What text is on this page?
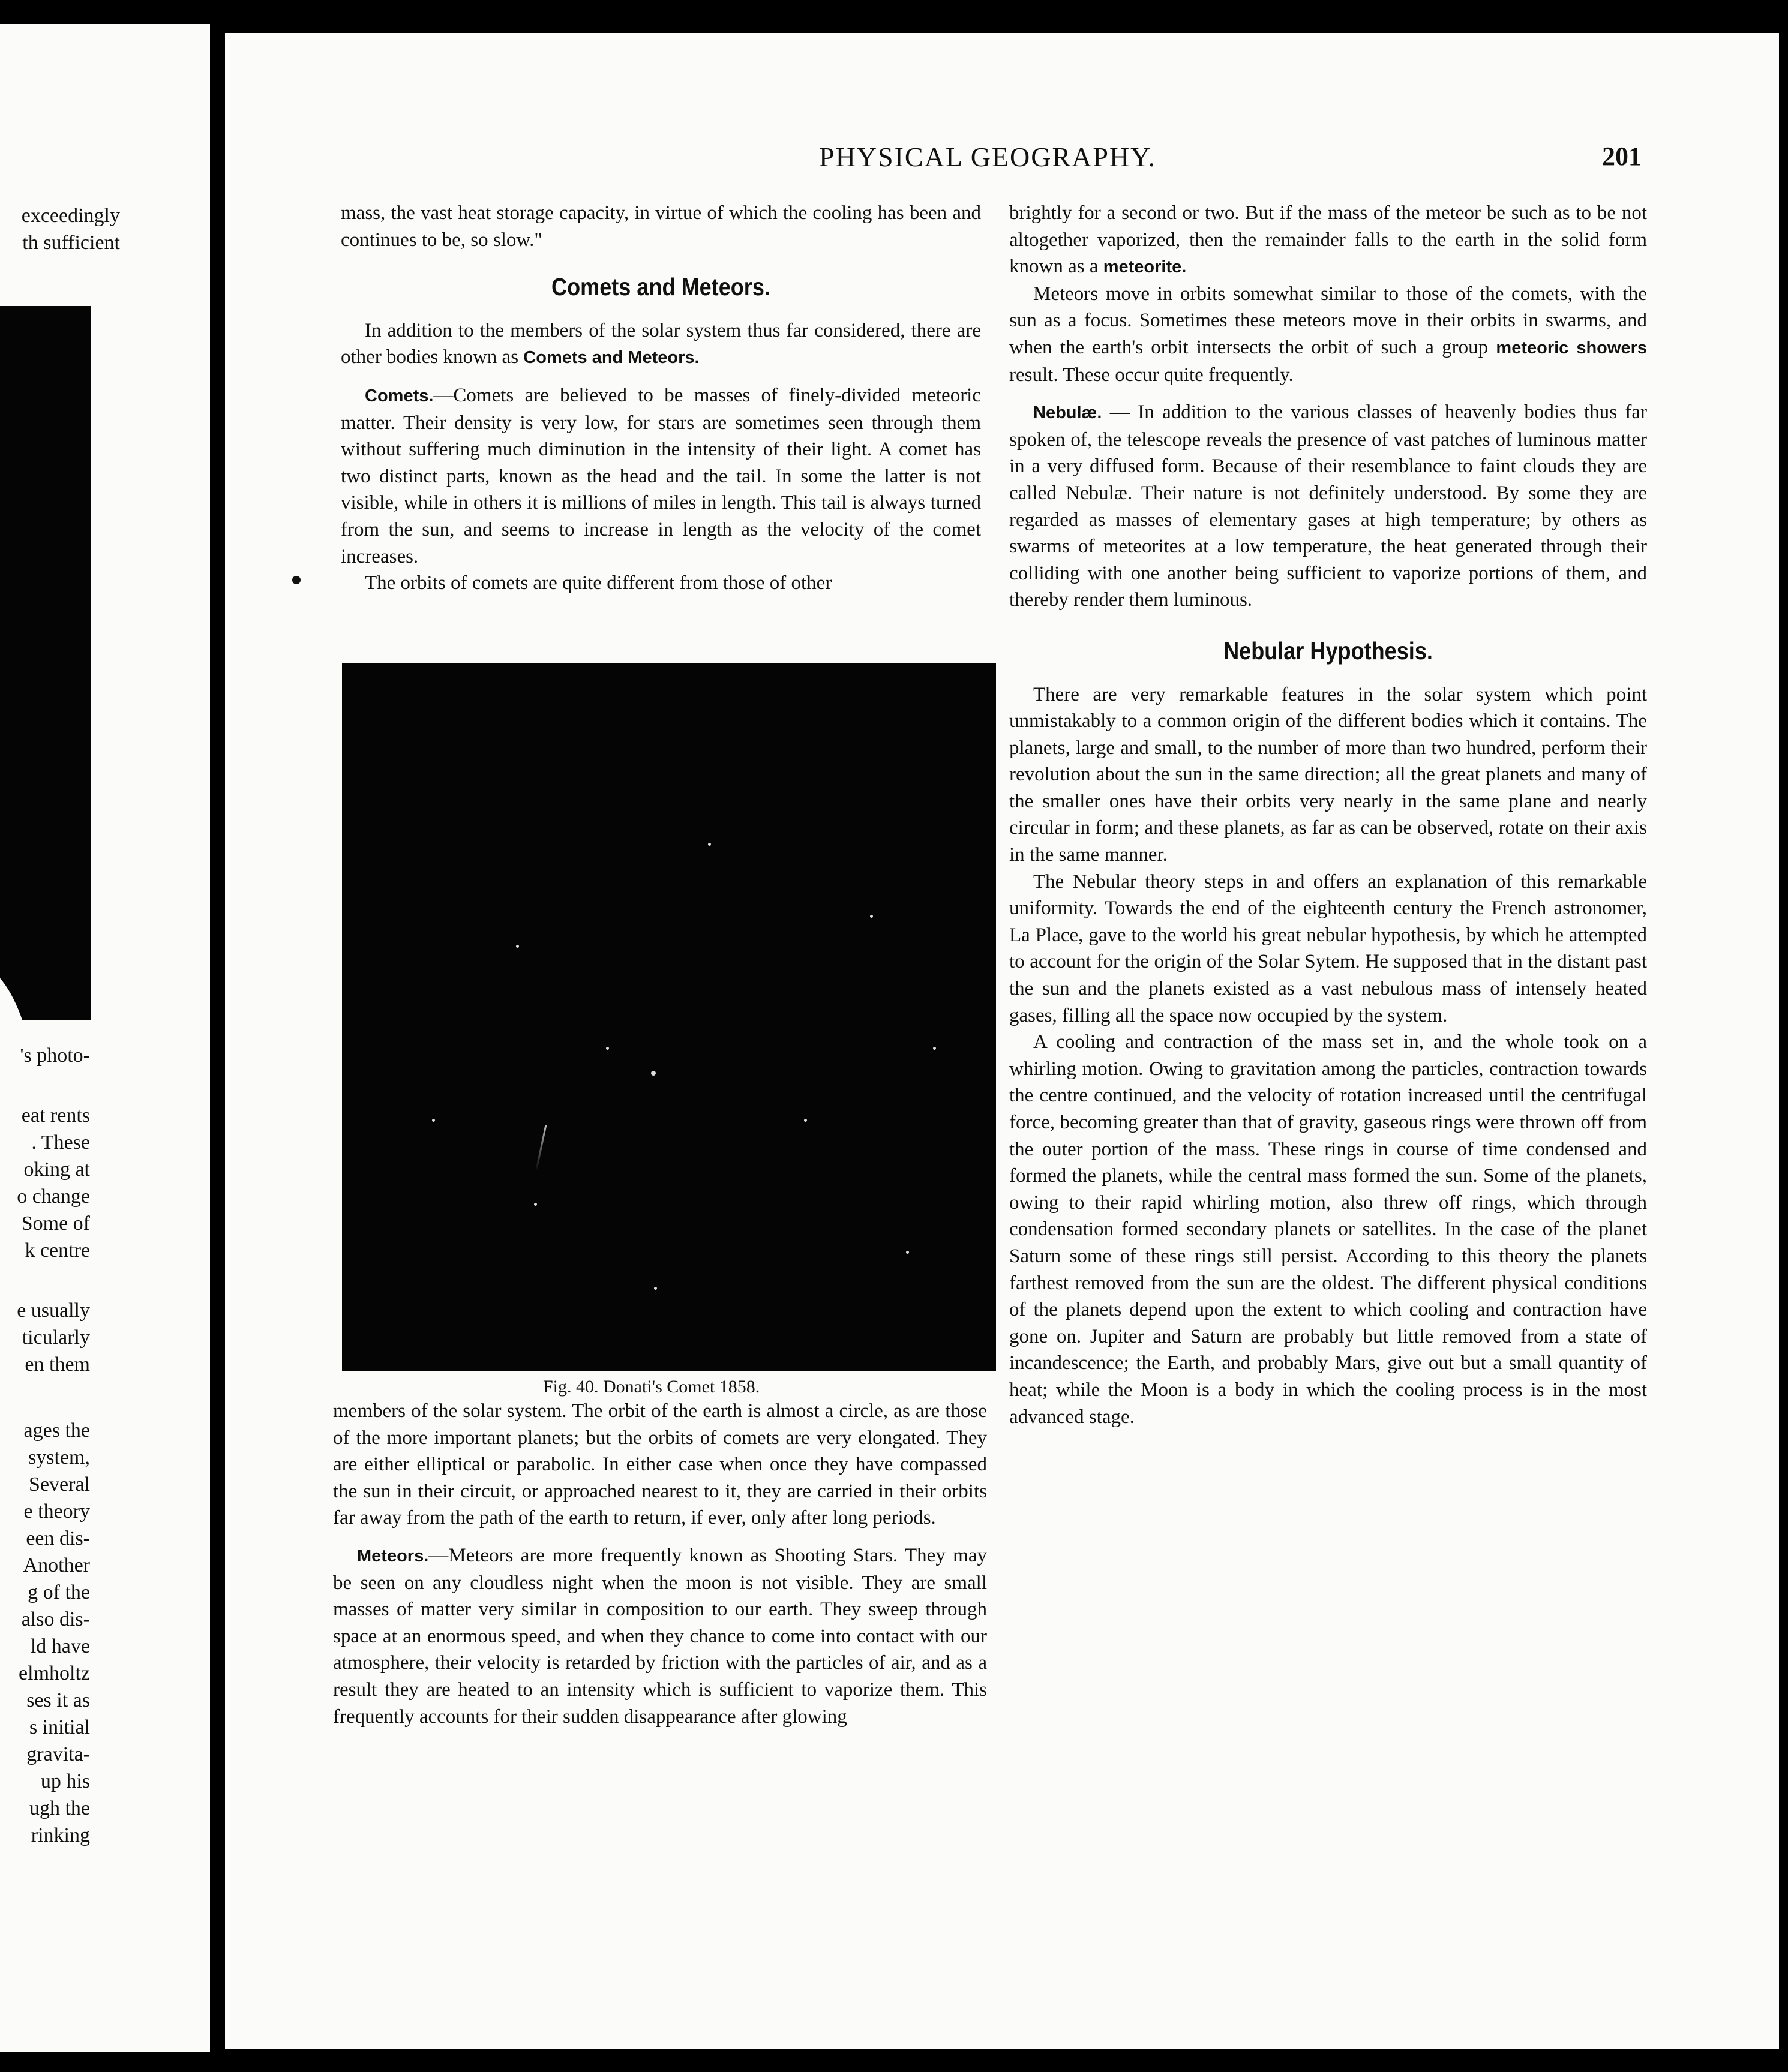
exceedingly
th sufficient
's photo-
eat rents
. These
oking at
o change
Some of
k centre
e usually
ticularly
en them
ages the
system,
Several
e theory
een dis-
Another
g of the
also dis-
ld have
elmholtz
ses it as
s initial
gravita-
up his
ugh the
rinking
PHYSICAL GEOGRAPHY.	201

mass, the vast heat storage capacity, in virtue of which the cooling has been and continues to be, so slow."

Comets and Meteors.

In addition to the members of the solar system thus far considered, there are other bodies known as Comets and Meteors.

Comets.—Comets are believed to be masses of finely-divided meteoric matter. Their density is very low, for stars are sometimes seen through them without suffering much diminution in the intensity of their light. A comet has two distinct parts, known as the head and the tail. In some the latter is not visible, while in others it is millions of miles in length. This tail is always turned from the sun, and seems to increase in length as the velocity of the comet increases.

The orbits of comets are quite different from those of other

Fig. 40. Donati's Comet 1858.

members of the solar system. The orbit of the earth is almost a circle, as are those of the more important planets; but the orbits of comets are very elongated. They are either elliptical or parabolic. In either case when once they have compassed the sun in their circuit, or approached nearest to it, they are carried in their orbits far away from the path of the earth to return, if ever, only after long periods.

Meteors.—Meteors are more frequently known as Shooting Stars. They may be seen on any cloudless night when the moon is not visible. They are small masses of matter very similar in composition to our earth. They sweep through space at an enormous speed, and when they chance to come into contact with our atmosphere, their velocity is retarded by friction with the particles of air, and as a result they are heated to an intensity which is sufficient to vaporize them. This frequently accounts for their sudden disappearance after glowing

brightly for a second or two. But if the mass of the meteor be such as to be not altogether vaporized, then the remainder falls to the earth in the solid form known as a meteorite.

Meteors move in orbits somewhat similar to those of the comets, with the sun as a focus. Sometimes these meteors move in their orbits in swarms, and when the earth's orbit intersects the orbit of such a group meteoric showers result. These occur quite frequently.

Nebulæ. — In addition to the various classes of heavenly bodies thus far spoken of, the telescope reveals the presence of vast patches of luminous matter in a very diffused form. Because of their resemblance to faint clouds they are called Nebulæ. Their nature is not definitely understood. By some they are regarded as masses of elementary gases at high temperature; by others as swarms of meteorites at a low temperature, the heat generated through their colliding with one another being sufficient to vaporize portions of them, and thereby render them luminous.

Nebular Hypothesis.

There are very remarkable features in the solar system which point unmistakably to a common origin of the different bodies which it contains. The planets, large and small, to the number of more than two hundred, perform their revolution about the sun in the same direction; all the great planets and many of the smaller ones have their orbits very nearly in the same plane and nearly circular in form; and these planets, as far as can be observed, rotate on their axis in the same manner.

The Nebular theory steps in and offers an explanation of this remarkable uniformity. Towards the end of the eighteenth century the French astronomer, La Place, gave to the world his great nebular hypothesis, by which he attempted to account for the origin of the Solar Sytem. He supposed that in the distant past the sun and the planets existed as a vast nebulous mass of intensely heated gases, filling all the space now occupied by the system.

A cooling and contraction of the mass set in, and the whole took on a whirling motion. Owing to gravitation among the particles, contraction towards the centre continued, and the velocity of rotation increased until the centrifugal force, becoming greater than that of gravity, gaseous rings were thrown off from the outer portion of the mass. These rings in course of time condensed and formed the planets, while the central mass formed the sun. Some of the planets, owing to their rapid whirling motion, also threw off rings, which through condensation formed secondary planets or satellites. In the case of the planet Saturn some of these rings still persist. According to this theory the planets farthest removed from the sun are the oldest. The different physical conditions of the planets depend upon the extent to which cooling and contraction have gone on. Jupiter and Saturn are probably but little removed from a state of incandescence; the Earth, and probably Mars, give out but a small quantity of heat; while the Moon is a body in which the cooling process is in the most advanced stage.
